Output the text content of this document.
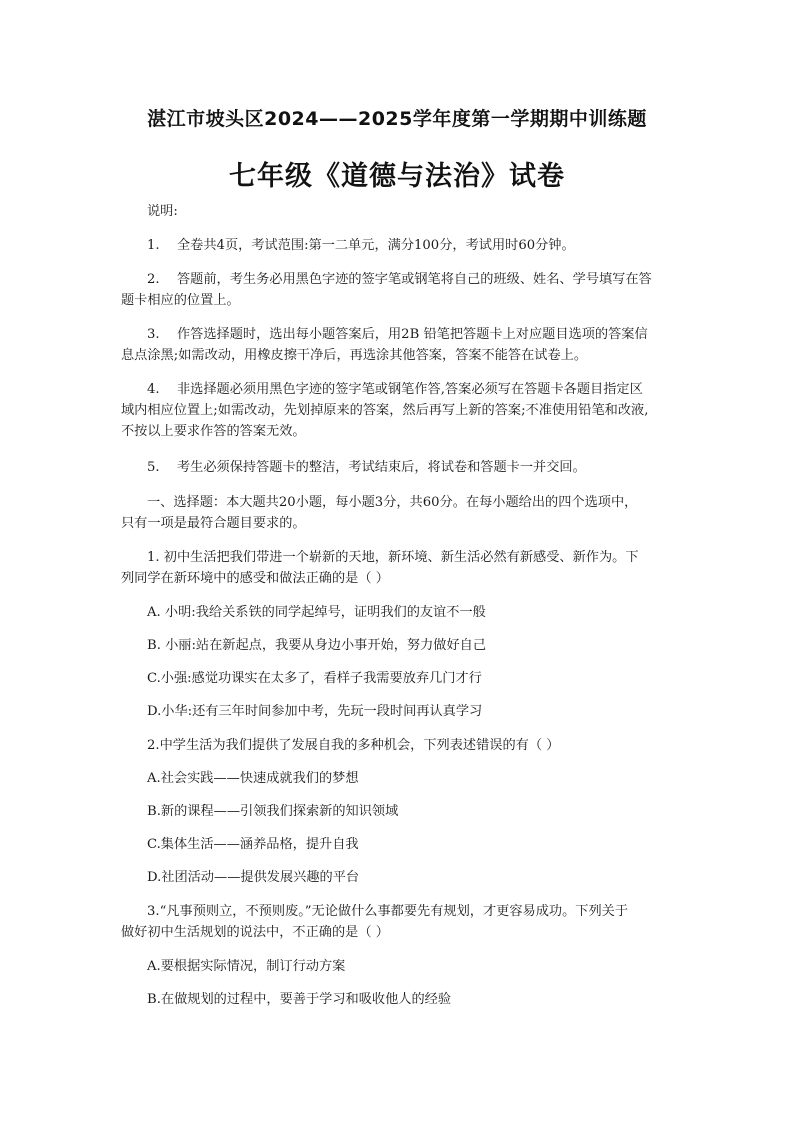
湛江市坡头区2024——2025学年度第一学期期中训练题
七年级《道德与法治》试卷
说明:
1. 全卷共4页，考试范围:第一二单元，满分100分，考试用时60分钟。
2. 答题前，考生务必用黑色字迹的签字笔或钢笔将自己的班级、姓名、学号填写在答
题卡相应的位置上。
3. 作答选择题时，选出每小题答案后，用2B 铅笔把答题卡上对应题目选项的答案信
息点涂黑;如需改动，用橡皮擦干净后，再选涂其他答案，答案不能答在试卷上。
4. 非选择题必须用黑色字迹的签字笔或钢笔作答,答案必须写在答题卡各题目指定区
域内相应位置上;如需改动，先划掉原来的答案，然后再写上新的答案;不准使用铅笔和改液,
不按以上要求作答的答案无效。
5. 考生必须保持答题卡的整洁，考试结束后，将试卷和答题卡一并交回。
一、选择题：本大题共20小题，每小题3分，共60分。在每小题给出的四个选项中，
只有一项是最符合题目要求的。
1. 初中生活把我们带进一个崭新的天地，新环境、新生活必然有新感受、新作为。下
列同学在新环境中的感受和做法正确的是（ ）
A. 小明:我给关系铁的同学起绰号，证明我们的友谊不一般
B. 小丽:站在新起点，我要从身边小事开始，努力做好自己
C.小强:感觉功课实在太多了，看样子我需要放弃几门才行
D.小华:还有三年时间参加中考，先玩一段时间再认真学习
2.中学生活为我们提供了发展自我的多种机会，下列表述错误的有（ ）
A.社会实践——快速成就我们的梦想
B.新的课程——引领我们探索新的知识领域
C.集体生活——涵养品格，提升自我
D.社团活动——提供发展兴趣的平台
3.“凡事预则立，不预则废。”无论做什么事都要先有规划，才更容易成功。下列关于
做好初中生活规划的说法中，不正确的是（ ）
A.要根据实际情况，制订行动方案
B.在做规划的过程中，要善于学习和吸收他人的经验
